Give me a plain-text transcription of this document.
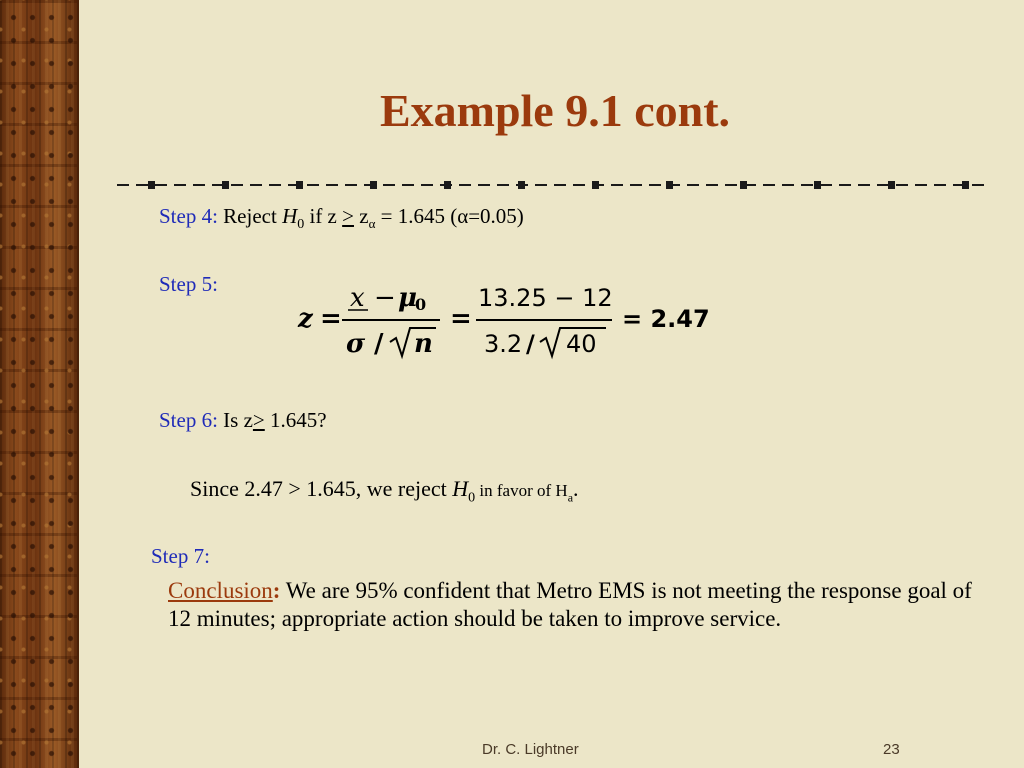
Example 9.1 cont.
Step 4: Reject $H_0$ if $z \ge z_\alpha = 1.645$ (α=0.05)
Step 5:
z =
x − μ
0
σ / n
=
13.25 − 12
3.2 / 40
= 2.47
Step 6: Is z≥ 1.645?
Since 2.47 > 1.645, we reject $H_0$ in favor of $H_a$.
Step 7:
Conclusion: We are 95% confident that Metro EMS is not meeting the response goal of 12 minutes; appropriate action should be taken to improve service.
Dr. C. Lightner	23
